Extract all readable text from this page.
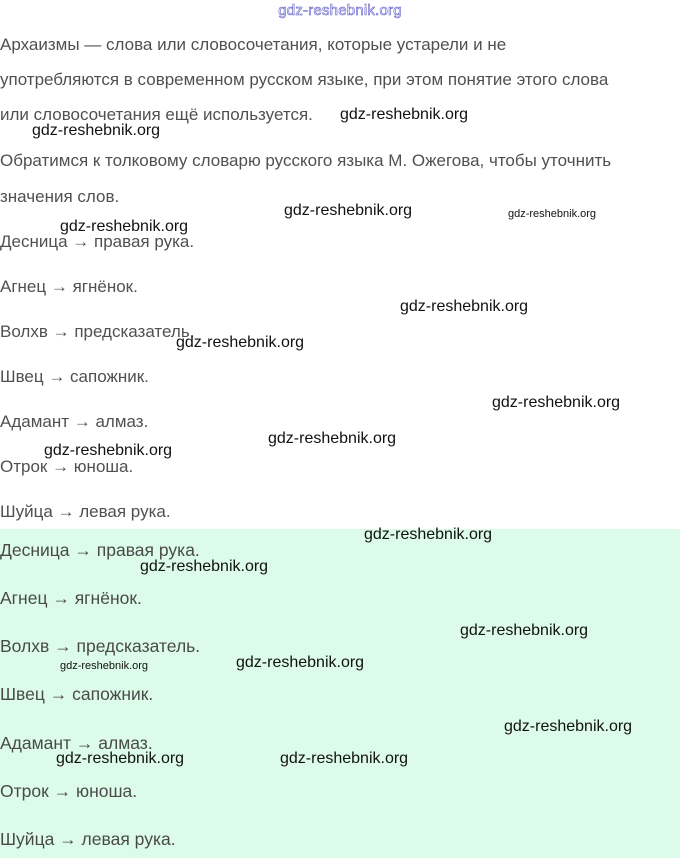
gdz-reshebnik.org
Архаизмы — слова или словосочетания, которые устарели и не
употребляются в современном русском языке, при этом понятие этого слова
или словосочетания ещё используется.
Обратимся к толковому словарю русского языка М. Ожегова, чтобы уточнить
значения слов.
Десница → правая рука.
Агнец → ягнёнок.
Волхв → предсказатель.
Швец → сапожник.
Адамант → алмаз.
Отрок → юноша.
Шуйца → левая рука.
Десница → правая рука.
Агнец → ягнёнок.
Волхв → предсказатель.
Швец → сапожник.
Адамант → алмаз.
Отрок → юноша.
Шуйца → левая рука.
gdz-reshebnik.org
gdz-reshebnik.org
gdz-reshebnik.org	gdz-reshebnik.org
gdz-reshebnik.org
gdz-reshebnik.org
gdz-reshebnik.org
gdz-reshebnik.org
gdz-reshebnik.org
gdz-reshebnik.org
gdz-reshebnik.org
gdz-reshebnik.org
gdz-reshebnik.org
gdz-reshebnik.org	gdz-reshebnik.org
gdz-reshebnik.org
gdz-reshebnik.org	gdz-reshebnik.org
